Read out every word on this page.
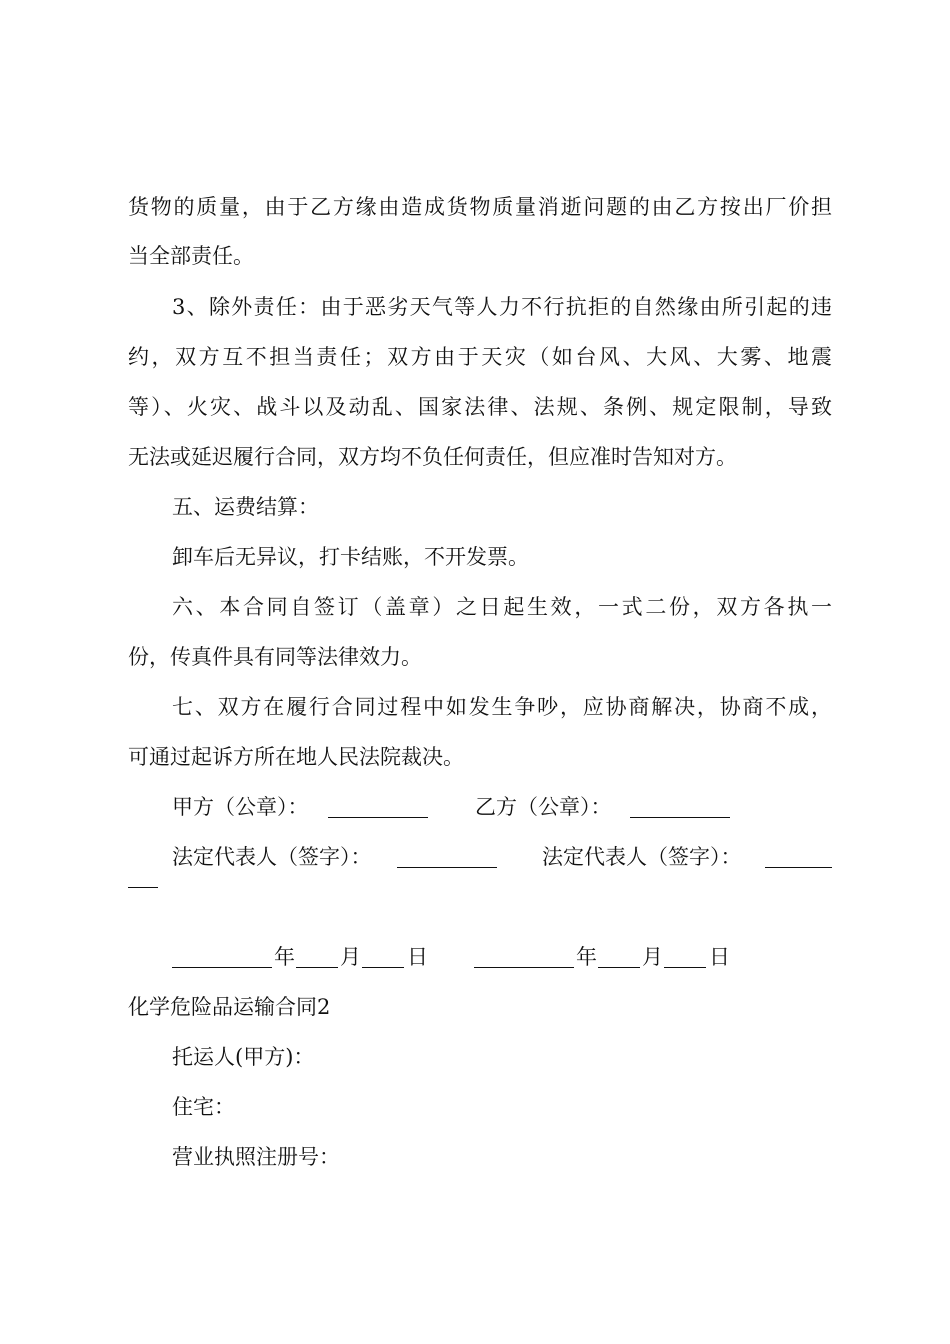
货物的质量，由于乙方缘由造成货物质量消逝问题的由乙方按出厂价担
当全部责任。
3、除外责任：由于恶劣天气等人力不行抗拒的自然缘由所引起的违
约，双方互不担当责任；双方由于天灾（如台风、大风、大雾、地震
等）、火灾、战斗以及动乱、国家法律、法规、条例、规定限制，导致
无法或延迟履行合同，双方均不负任何责任，但应准时告知对方。
五、运费结算：
卸车后无异议，打卡结账，不开发票。
六、本合同自签订（盖章）之日起生效，一式二份，双方各执一
份，传真件具有同等法律效力。
七、双方在履行合同过程中如发生争吵，应协商解决，协商不成，
可通过起诉方所在地人民法院裁决。
甲方（公章）：	乙方（公章）：
法定代表人（签字）：	法定代表人（签字）：
年 月 日	年 月 日
化学危险品运输合同2
托运人(甲方)：
住宅：
营业执照注册号：
